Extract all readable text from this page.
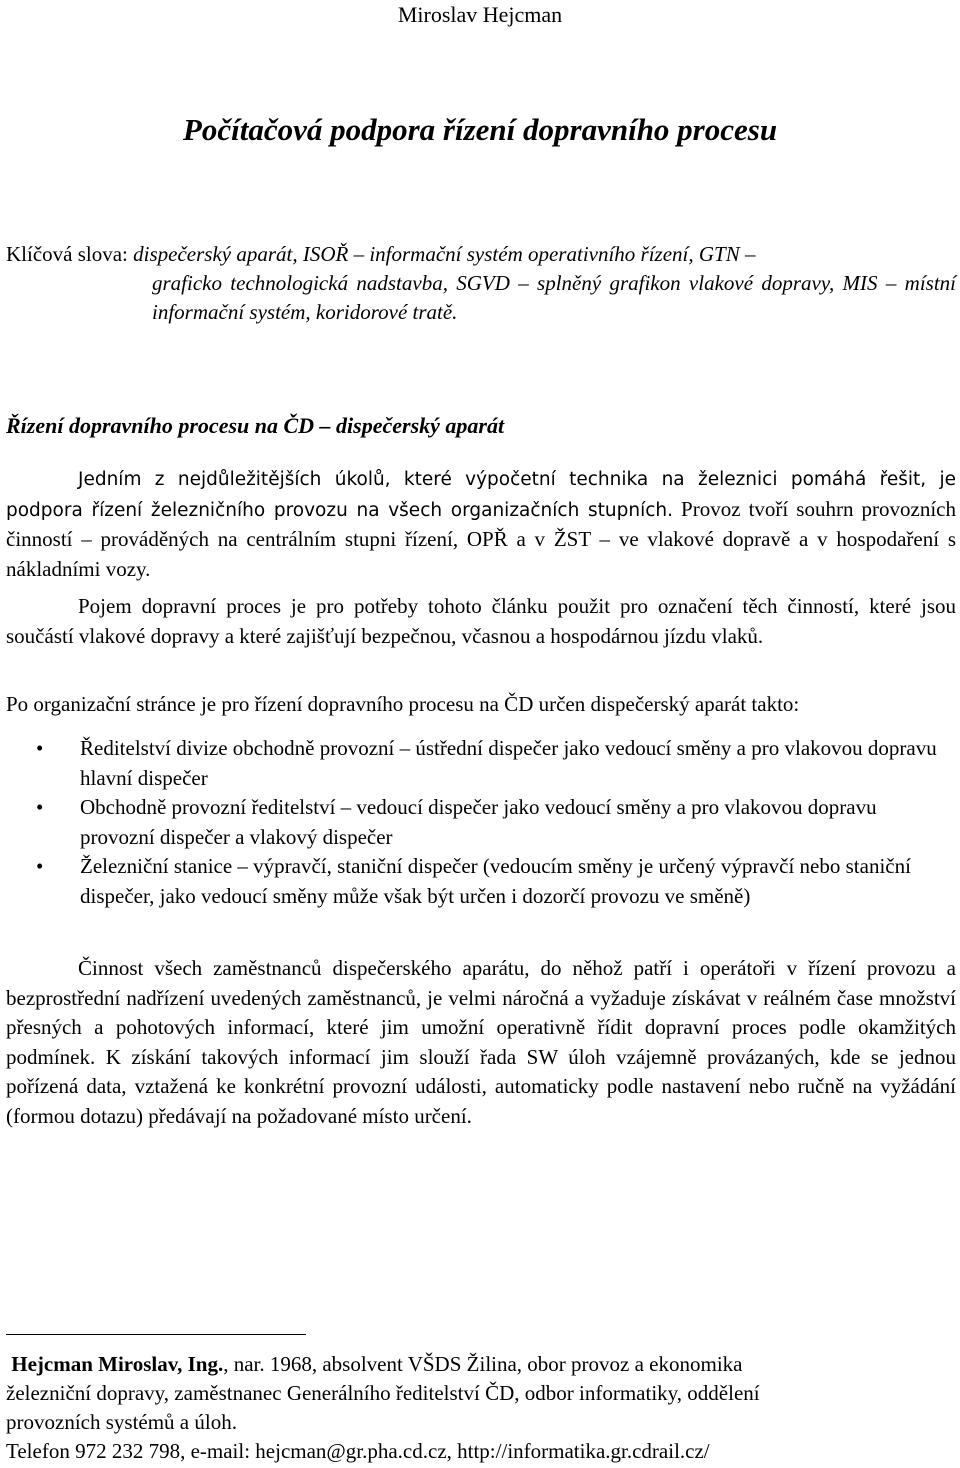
Miroslav Hejcman
Počítačová podpora řízení dopravního procesu
Klíčová slova: dispečerský aparát, ISOŘ – informační systém operativního řízení, GTN –
graficko technologická nadstavba, SGVD – splněný grafikon vlakové dopravy, MIS – místní informační systém, koridorové tratě.
Řízení dopravního procesu na ČD – dispečerský aparát
Jedním z nejdůležitějších úkolů, které výpočetní technika na železnici pomáhá řešit, je podpora řízení železničního provozu na všech organizačních stupních. Provoz tvoří souhrn provozních činností – prováděných na centrálním stupni řízení, OPŘ a v ŽST – ve vlakové dopravě a v hospodaření s nákladními vozy.
Pojem dopravní proces je pro potřeby tohoto článku použit pro označení těch činností, které jsou součástí vlakové dopravy a které zajišťují bezpečnou, včasnou a hospodárnou jízdu vlaků.
Po organizační stránce je pro řízení dopravního procesu na ČD určen dispečerský aparát takto:
• Ředitelství divize obchodně provozní – ústřední dispečer jako vedoucí směny a pro vlakovou dopravu hlavní dispečer
• Obchodně provozní ředitelství – vedoucí dispečer jako vedoucí směny a pro vlakovou dopravu provozní dispečer a vlakový dispečer
• Železniční stanice – výpravčí, staniční dispečer (vedoucím směny je určený výpravčí nebo staniční dispečer, jako vedoucí směny může však být určen i dozorčí provozu ve směně)
Činnost všech zaměstnanců dispečerského aparátu, do něhož patří i operátoři v řízení provozu a bezprostřední nadřízení uvedených zaměstnanců, je velmi náročná a vyžaduje získávat v reálném čase množství přesných a pohotových informací, které jim umožní operativně řídit dopravní proces podle okamžitých podmínek. K získání takových informací jim slouží řada SW úloh vzájemně provázaných, kde se jednou pořízená data, vztažená ke konkrétní provozní události, automaticky podle nastavení nebo ručně na vyžádání (formou dotazu) předávají na požadované místo určení.
Hejcman Miroslav, Ing., nar. 1968, absolvent VŠDS Žilina, obor provoz a ekonomika
železniční dopravy, zaměstnanec Generálního ředitelství ČD, odbor informatiky, oddělení
provozních systémů a úloh.
Telefon 972 232 798, e-mail: hejcman@gr.pha.cd.cz, http://informatika.gr.cdrail.cz/
